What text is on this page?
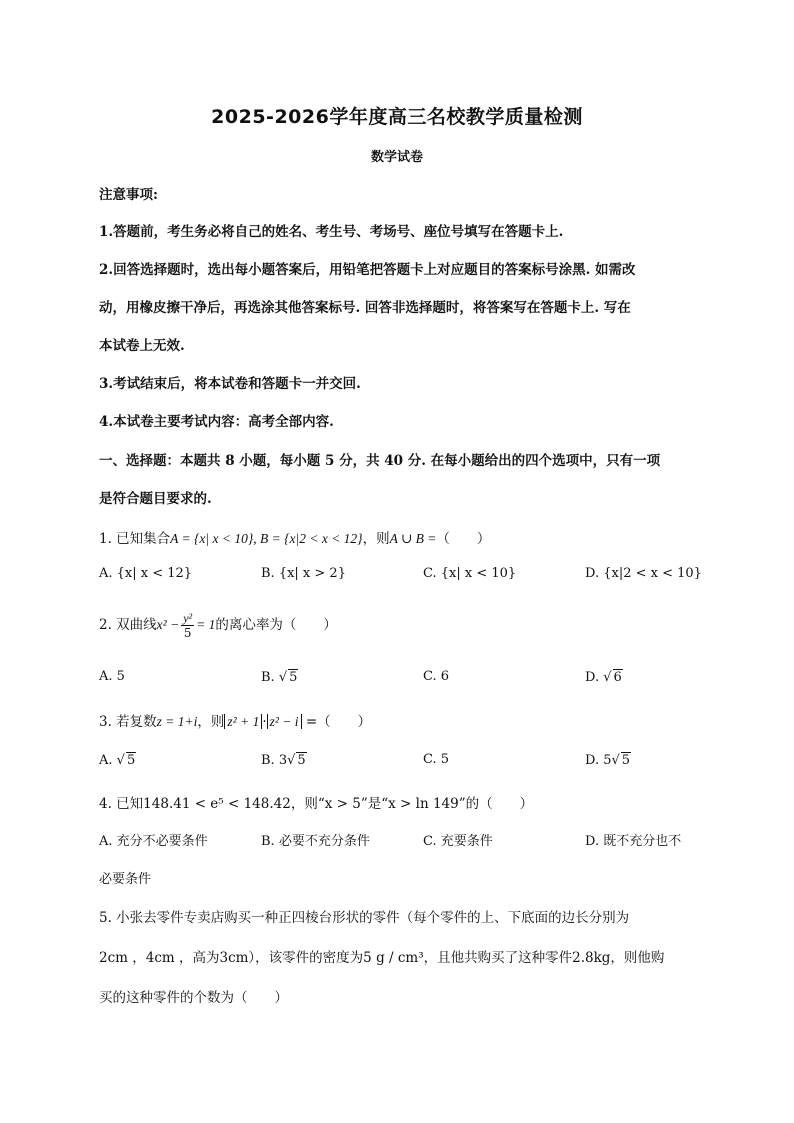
2025-2026学年度高三名校教学质量检测
数学试卷
注意事项:
1.答题前，考生务必将自己的姓名、考生号、考场号、座位号填写在答题卡上.
2.回答选择题时，选出每小题答案后，用铅笔把答题卡上对应题目的答案标号涂黑. 如需改
动，用橡皮擦干净后，再选涂其他答案标号. 回答非选择题时，将答案写在答题卡上. 写在
本试卷上无效.
3.考试结束后，将本试卷和答题卡一并交回.
4.本试卷主要考试内容：高考全部内容.
一、选择题：本题共 8 小题，每小题 5 分，共 40 分. 在每小题给出的四个选项中，只有一项
是符合题目要求的.
1. 已知集合A = {x| x < 10}, B = {x|2 < x < 12}，则A ∪ B =（　　）
A. {x| x < 12}	B. {x| x > 2}	C. {x| x < 10}	D. {x|2 < x < 10}
2. 双曲线$x^2 - \frac{\text{y²}}{5} = 1$的离心率为（　　）
A. 5	B. √ 5	C. 6	D. √ 6
3. 若复数z = 1+i，则 z² + 1 · z² − i =（　　）
A. √ 5	B. 3√ 5	C. 5	D. 5√ 5
4. 已知148.41 < e⁵ < 148.42，则“x > 5”是“x > ln 149”的（　　）
A. 充分不必要条件	B. 必要不充分条件	C. 充要条件	D. 既不充分也不
必要条件
5. 小张去零件专卖店购买一种正四棱台形状的零件（每个零件的上、下底面的边长分别为
2cm ，4cm ，高为3cm），该零件的密度为5 g / cm³，且他共购买了这种零件2.8kg，则他购
买的这种零件的个数为（　　）
